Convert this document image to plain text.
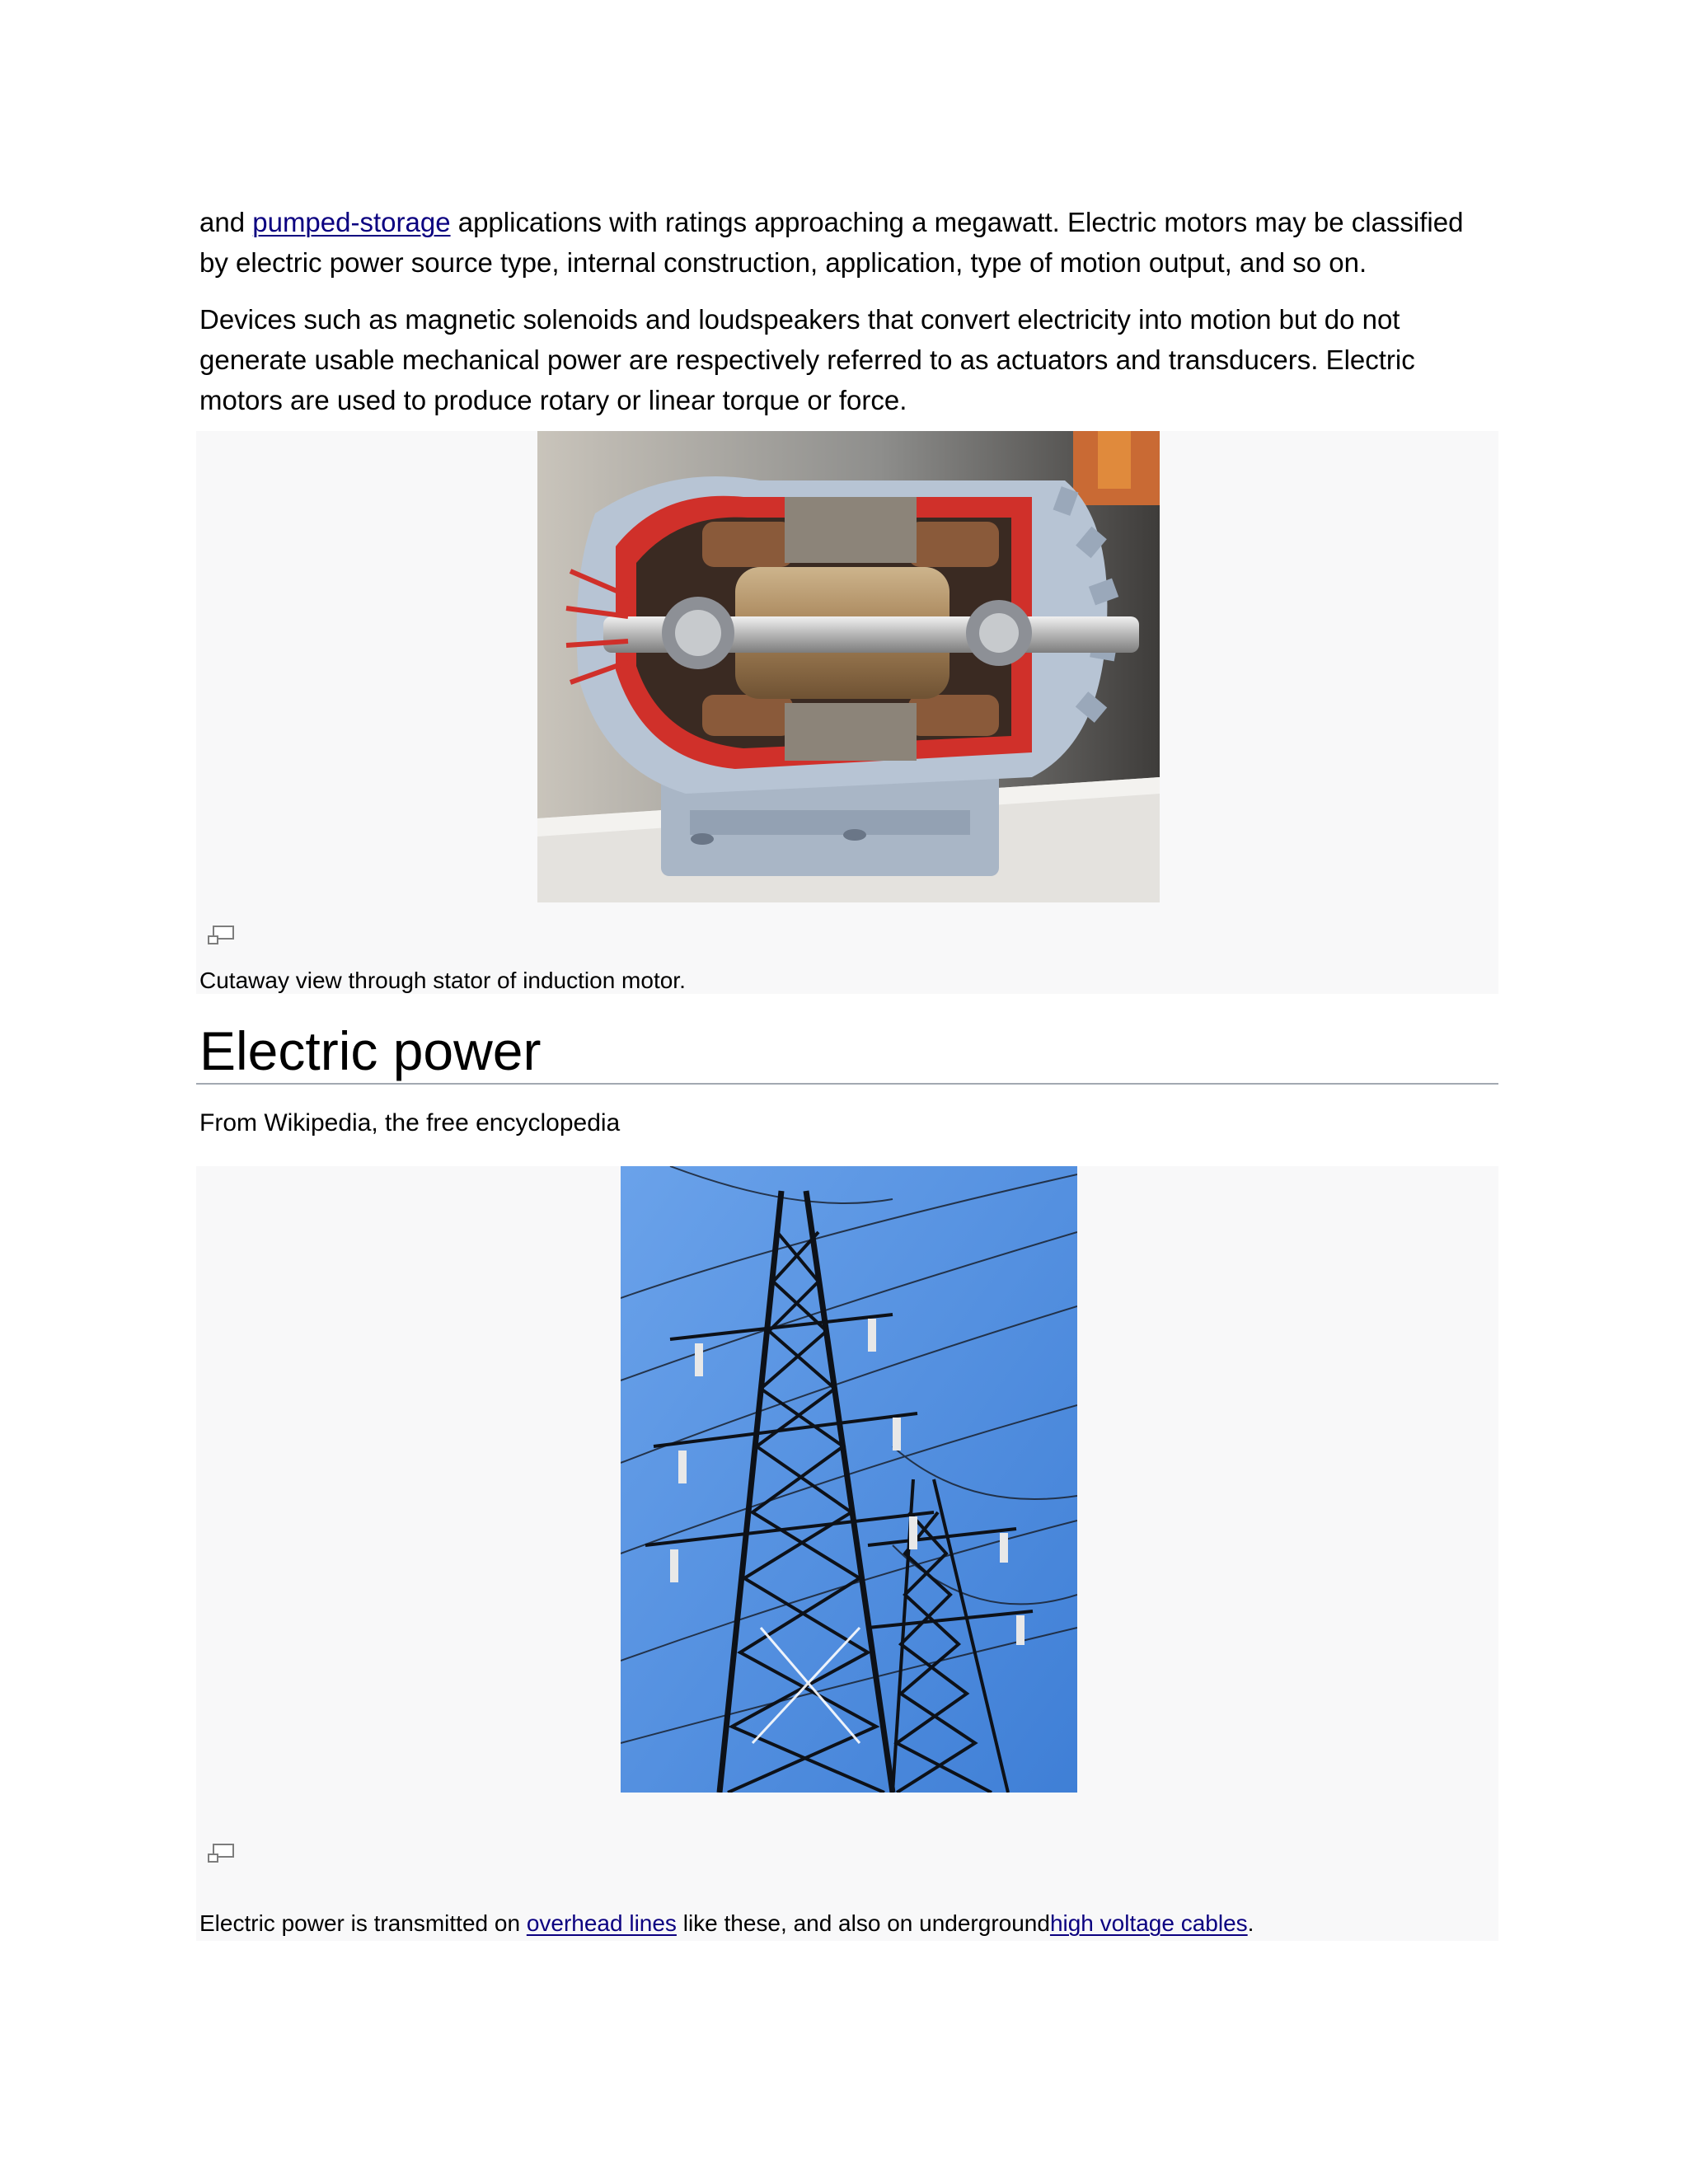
and pumped-storage applications with ratings approaching a megawatt. Electric motors may be classified by electric power source type, internal construction, application, type of motion output, and so on.

Devices such as magnetic solenoids and loudspeakers that convert electricity into motion but do not generate usable mechanical power are respectively referred to as actuators and transducers. Electric motors are used to produce rotary or linear torque or force.

Cutaway view through stator of induction motor.
Electric power
From Wikipedia, the free encyclopedia
Electric power is transmitted on overhead lines like these, and also on undergroundhigh voltage cables.
